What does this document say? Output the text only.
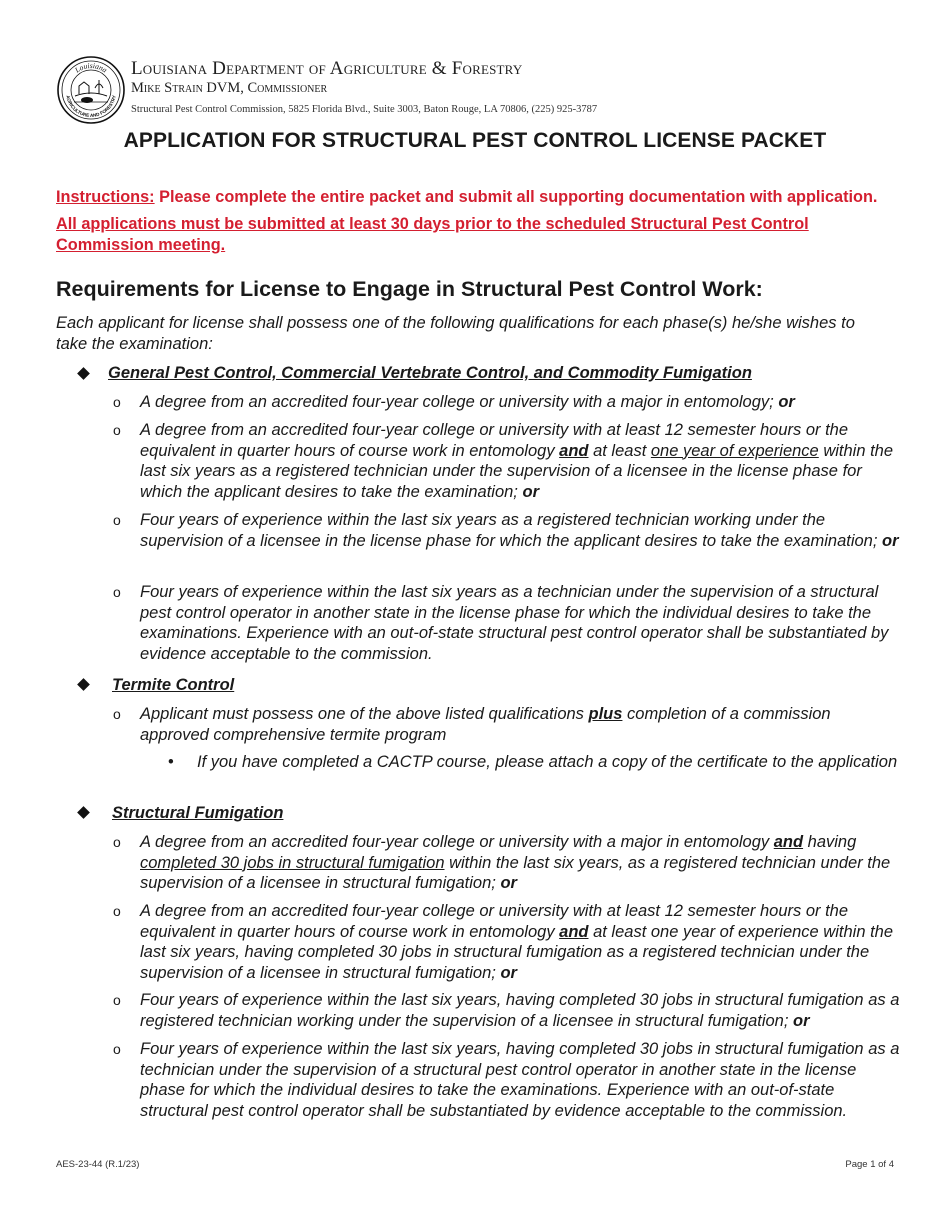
Louisiana
AGRICULTURE AND FORESTRY
Louisiana Department of Agriculture & Forestry
Mike Strain DVM, Commissioner
Structural Pest Control Commission, 5825 Florida Blvd., Suite 3003, Baton Rouge, LA 70806, (225) 925-3787
APPLICATION FOR STRUCTURAL PEST CONTROL LICENSE PACKET
Instructions: Please complete the entire packet and submit all supporting documentation with application.
All applications must be submitted at least 30 days prior to the scheduled Structural Pest Control Commission meeting.
Requirements for License to Engage in Structural Pest Control Work:
Each applicant for license shall possess one of the following qualifications for each phase(s) he/she wishes to take the examination:
General Pest Control, Commercial Vertebrate Control, and Commodity Fumigation
o A degree from an accredited four-year college or university with a major in entomology; or
o A degree from an accredited four-year college or university with at least 12 semester hours or the equivalent in quarter hours of course work in entomology and at least one year of experience within the last six years as a registered technician under the supervision of a licensee in the license phase for which the applicant desires to take the examination; or
o Four years of experience within the last six years as a registered technician working under the supervision of a licensee in the license phase for which the applicant desires to take the examination; or
o Four years of experience within the last six years as a technician under the supervision of a structural pest control operator in another state in the license phase for which the individual desires to take the examinations. Experience with an out-of-state structural pest control operator shall be substantiated by evidence acceptable to the commission.
Termite Control
o Applicant must possess one of the above listed qualifications plus completion of a commission approved comprehensive termite program
• If you have completed a CACTP course, please attach a copy of the certificate to the application
Structural Fumigation
o A degree from an accredited four-year college or university with a major in entomology and having completed 30 jobs in structural fumigation within the last six years, as a registered technician under the supervision of a licensee in structural fumigation; or
o A degree from an accredited four-year college or university with at least 12 semester hours or the equivalent in quarter hours of course work in entomology and at least one year of experience within the last six years, having completed 30 jobs in structural fumigation as a registered technician under the supervision of a licensee in structural fumigation; or
o Four years of experience within the last six years, having completed 30 jobs in structural fumigation as a registered technician working under the supervision of a licensee in structural fumigation; or
o Four years of experience within the last six years, having completed 30 jobs in structural fumigation as a technician under the supervision of a structural pest control operator in another state in the license phase for which the individual desires to take the examinations. Experience with an out-of-state structural pest control operator shall be substantiated by evidence acceptable to the commission.
AES-23-44 (R.1/23)	Page 1 of 4
